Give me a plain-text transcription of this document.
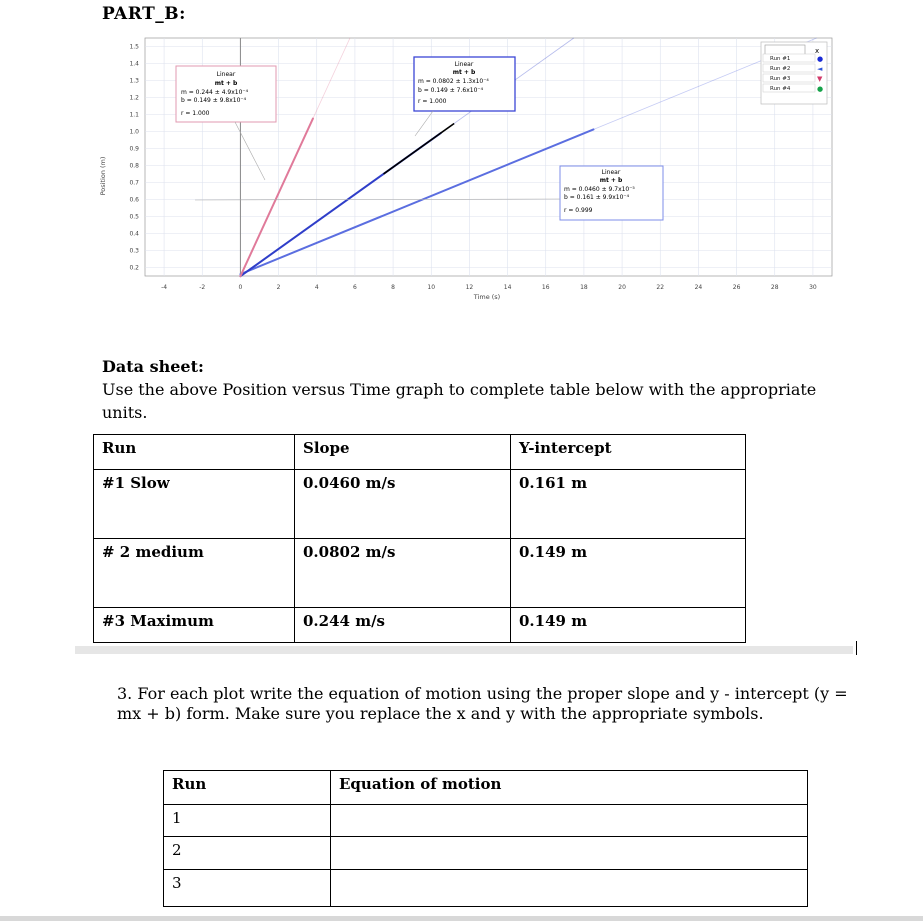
PART_B:
1.5
1.4
1.3
1.2
1.1
1.0
0.9
0.8
0.7
0.6
0.5
0.4
0.3
0.2
-4	-2	0	2	4	6	8	10	12	14	16	18	20	22	24	26	28	30
Position (m)
Time (s)
Linear
mt + b
m = 0.244 ± 4.9x10⁻⁴
b = 0.149 ± 9.8x10⁻⁴
r = 1.000
Linear
mt + b
m = 0.0802 ± 1.3x10⁻⁴
b = 0.149 ± 7.6x10⁻⁴
r = 1.000
Linear
mt + b
m = 0.0460 ± 9.7x10⁻⁵
b = 0.161 ± 9.9x10⁻⁴
r = 0.999
x
Run #1	●
Run #2	◄
Run #3	▼
Run #4	●
Data sheet:
Use the above Position versus Time graph to complete table below with the appropriate units.
Run	Slope	Y-intercept

#1 Slow	0.0460 m/s	0.161 m

# 2 medium	0.0802 m/s	0.149 m

#3 Maximum	0.244 m/s	0.149 m
3. For each plot write the equation of motion using the proper slope and y - intercept (y = mx + b) form. Make sure you replace the x and y with the appropriate symbols.
Run	Equation of motion

1	

2	

3	
